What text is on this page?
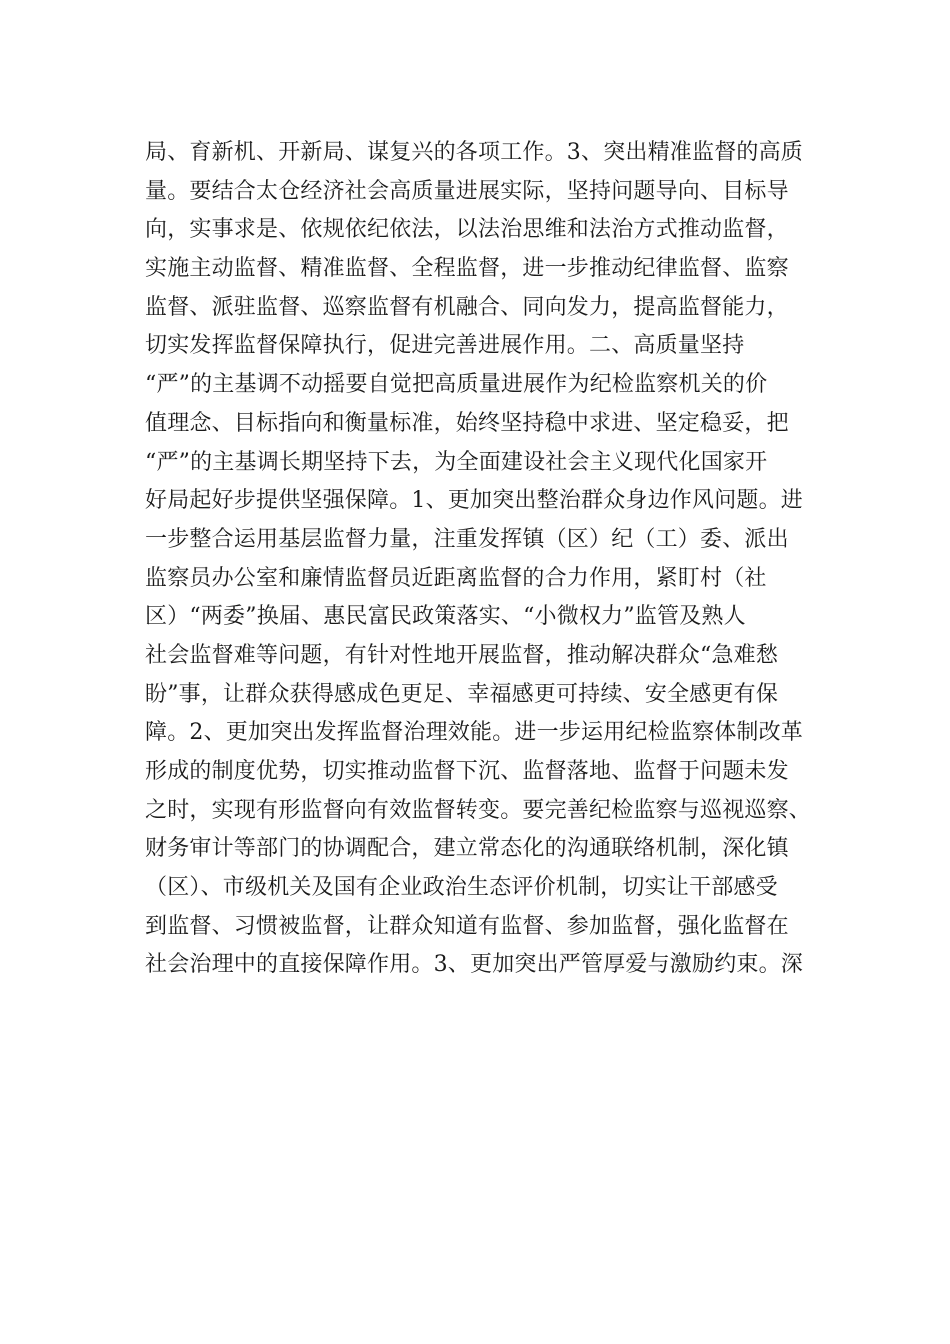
局、育新机、开新局、谋复兴的各项工作。3、突出精准监督的高质
量。要结合太仓经济社会高质量进展实际，坚持问题导向、目标导
向，实事求是、依规依纪依法，以法治思维和法治方式推动监督，
实施主动监督、精准监督、全程监督，进一步推动纪律监督、监察
监督、派驻监督、巡察监督有机融合、同向发力，提高监督能力，
切实发挥监督保障执行，促进完善进展作用。二、高质量坚持
“严”的主基调不动摇要自觉把高质量进展作为纪检监察机关的价
值理念、目标指向和衡量标准，始终坚持稳中求进、坚定稳妥，把
“严”的主基调长期坚持下去，为全面建设社会主义现代化国家开
好局起好步提供坚强保障。1、更加突出整治群众身边作风问题。进
一步整合运用基层监督力量，注重发挥镇（区）纪（工）委、派出
监察员办公室和廉情监督员近距离监督的合力作用，紧盯村（社
区）“两委”换届、惠民富民政策落实、“小微权力”监管及熟人
社会监督难等问题，有针对性地开展监督，推动解决群众“急难愁
盼”事，让群众获得感成色更足、幸福感更可持续、安全感更有保
障。2、更加突出发挥监督治理效能。进一步运用纪检监察体制改革
形成的制度优势，切实推动监督下沉、监督落地、监督于问题未发
之时，实现有形监督向有效监督转变。要完善纪检监察与巡视巡察、
财务审计等部门的协调配合，建立常态化的沟通联络机制，深化镇
（区）、市级机关及国有企业政治生态评价机制，切实让干部感受
到监督、习惯被监督，让群众知道有监督、参加监督，强化监督在
社会治理中的直接保障作用。3、更加突出严管厚爱与激励约束。深
